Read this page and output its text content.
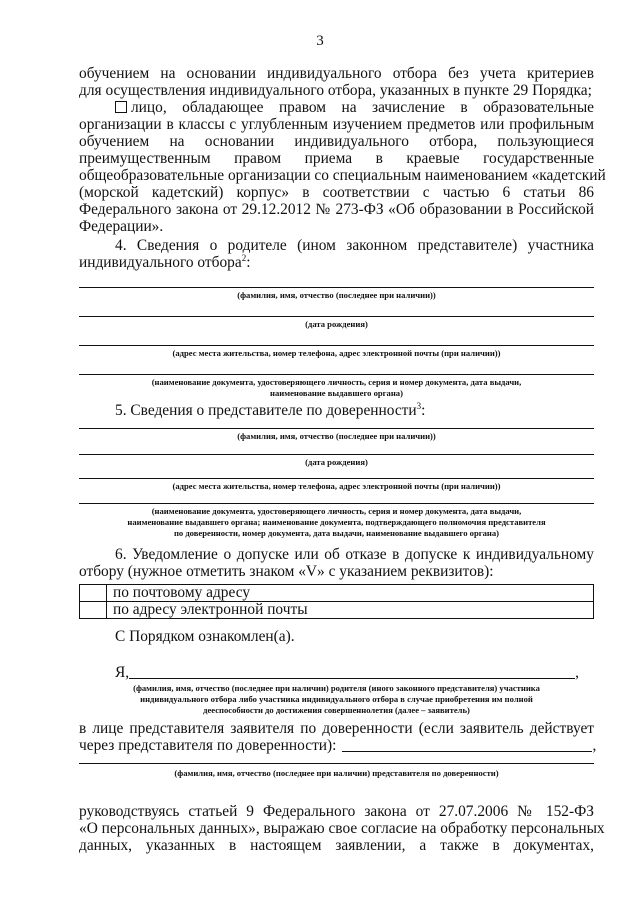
3
обучением на основании индивидуального отбора без учета критериев
для осуществления индивидуального отбора, указанных в пункте 29 Порядка;
лицо, обладающее правом на зачисление в образовательные
организации в классы с углубленным изучением предметов или профильным
обучением на основании индивидуального отбора, пользующиеся
преимущественным правом приема в краевые государственные
общеобразовательные организации со специальным наименованием «кадетский
(морской кадетский) корпус» в соответствии с частью 6 статьи 86
Федерального закона от 29.12.2012 № 273-ФЗ «Об образовании в Российской
Федерации».
4. Сведения о родителе (ином законном представителе) участника
индивидуального отбора$^2$:
(фамилия, имя, отчество (последнее при наличии))
(дата рождения)
(адрес места жительства, номер телефона, адрес электронной почты (при наличии))
(наименование документа, удостоверяющего личность, серия и номер документа, дата выдачи,
наименование выдавшего органа)
5. Сведения о представителе по доверенности$^3$:
(фамилия, имя, отчество (последнее при наличии))
(дата рождения)
(адрес места жительства, номер телефона, адрес электронной почты (при наличии))
(наименование документа, удостоверяющего личность, серия и номер документа, дата выдачи,
наименование выдавшего органа; наименование документа, подтверждающего полномочия представителя
по доверенности, номер документа, дата выдачи, наименование выдавшего органа)
6. Уведомление о допуске или об отказе в допуске к индивидуальному
отбору (нужное отметить знаком «V» с указанием реквизитов):
	по почтовому адресу
	по адресу электронной почты
С Порядком ознакомлен(а).
Я,	,
(фамилия, имя, отчество (последнее при наличии) родителя (иного законного представителя) участника
индивидуального отбора либо участника индивидуального отбора в случае приобретения им полной
дееспособности до достижения совершеннолетия (далее – заявитель)
в лице представителя заявителя по доверенности (если заявитель действует
через представителя по доверенности):	,
(фамилия, имя, отчество (последнее при наличии) представителя по доверенности)
руководствуясь статьей 9 Федерального закона от 27.07.2006 № 152-ФЗ
«О персональных данных», выражаю свое согласие на обработку персональных
данных, указанных в настоящем заявлении, а также в документах,
